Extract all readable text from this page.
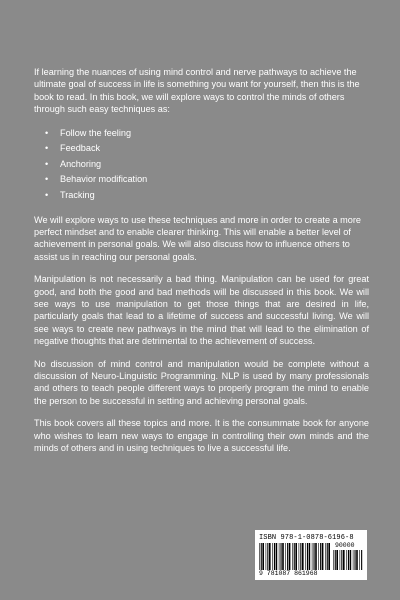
If learning the nuances of using mind control and nerve pathways to achieve the ultimate goal of success in life is something you want for yourself, then this is the book to read. In this book, we will explore ways to control the minds of others through such easy techniques as:

• Follow the feeling
• Feedback
• Anchoring
• Behavior modification
• Tracking

We will explore ways to use these techniques and more in order to create a more perfect mindset and to enable clearer thinking. This will enable a better level of achievement in personal goals. We will also discuss how to influence others to assist us in reaching our personal goals.

Manipulation is not necessarily a bad thing. Manipulation can be used for great good, and both the good and bad methods will be discussed in this book. We will see ways to use manipulation to get those things that are desired in life, particularly goals that lead to a lifetime of success and successful living. We will see ways to create new pathways in the mind that will lead to the elimination of negative thoughts that are detrimental to the achievement of success.

No discussion of mind control and manipulation would be complete without a discussion of Neuro-Linguistic Programming. NLP is used by many professionals and others to teach people different ways to properly program the mind to enable the person to be successful in setting and achieving personal goals.

This book covers all these topics and more. It is the consummate book for anyone who wishes to learn new ways to engage in controlling their own minds and the minds of others and in using techniques to live a successful life.

ISBN 978-1-0878-6196-8
90000
9 781087 861968
